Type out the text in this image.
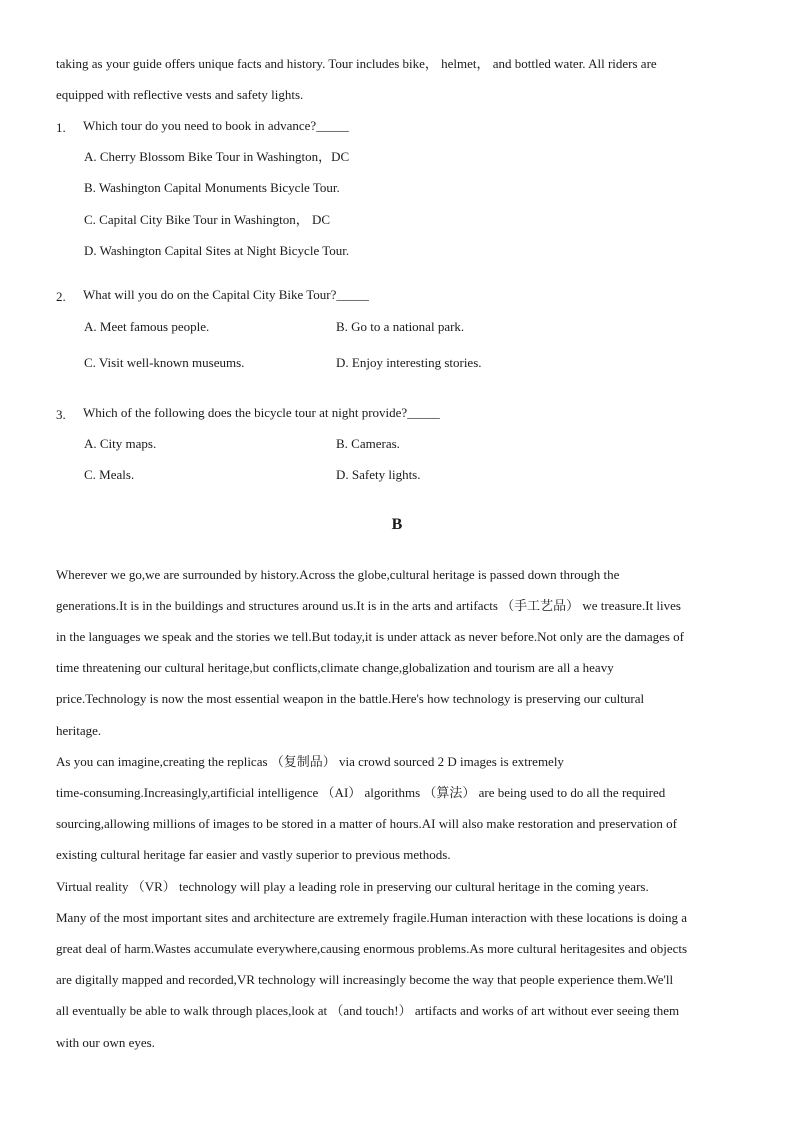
taking as your guide offers unique facts and history. Tour includes bike， helmet， and bottled water. All riders are
equipped with reflective vests and safety lights.
1. Which tour do you need to book in advance?_____
A. Cherry Blossom Bike Tour in Washington，DC
B. Washington Capital Monuments Bicycle Tour.
C. Capital City Bike Tour in Washington， DC
D. Washington Capital Sites at Night Bicycle Tour.
2. What will you do on the Capital City Bike Tour?_____
A. Meet famous people.	B. Go to a national park.
C. Visit well-known museums.	D. Enjoy interesting stories.
3. Which of the following does the bicycle tour at night provide?_____
A. City maps.	B. Cameras.
C. Meals.	D. Safety lights.
B
Wherever we go,we are surrounded by history.Across the globe,cultural heritage is passed down through the
generations.It is in the buildings and structures around us.It is in the arts and artifacts （手工艺品） we treasure.It lives
in the languages we speak and the stories we tell.But today,it is under attack as never before.Not only are the damages of
time threatening our cultural heritage,but conflicts,climate change,globalization and tourism are all a heavy
price.Technology is now the most essential weapon in the battle.Here's how technology is preserving our cultural
heritage.
As you can imagine,creating the replicas （复制品） via crowd sourced 2 D images is extremely
time-consuming.Increasingly,artificial intelligence （AI） algorithms （算法） are being used to do all the required
sourcing,allowing millions of images to be stored in a matter of hours.AI will also make restoration and preservation of
existing cultural heritage far easier and vastly superior to previous methods.
Virtual reality （VR） technology will play a leading role in preserving our cultural heritage in the coming years.
Many of the most important sites and architecture are extremely fragile.Human interaction with these locations is doing a
great deal of harm.Wastes accumulate everywhere,causing enormous problems.As more cultural heritagesites and objects
are digitally mapped and recorded,VR technology will increasingly become the way that people experience them.We'll
all eventually be able to walk through places,look at （and touch!） artifacts and works of art without ever seeing them
with our own eyes.
